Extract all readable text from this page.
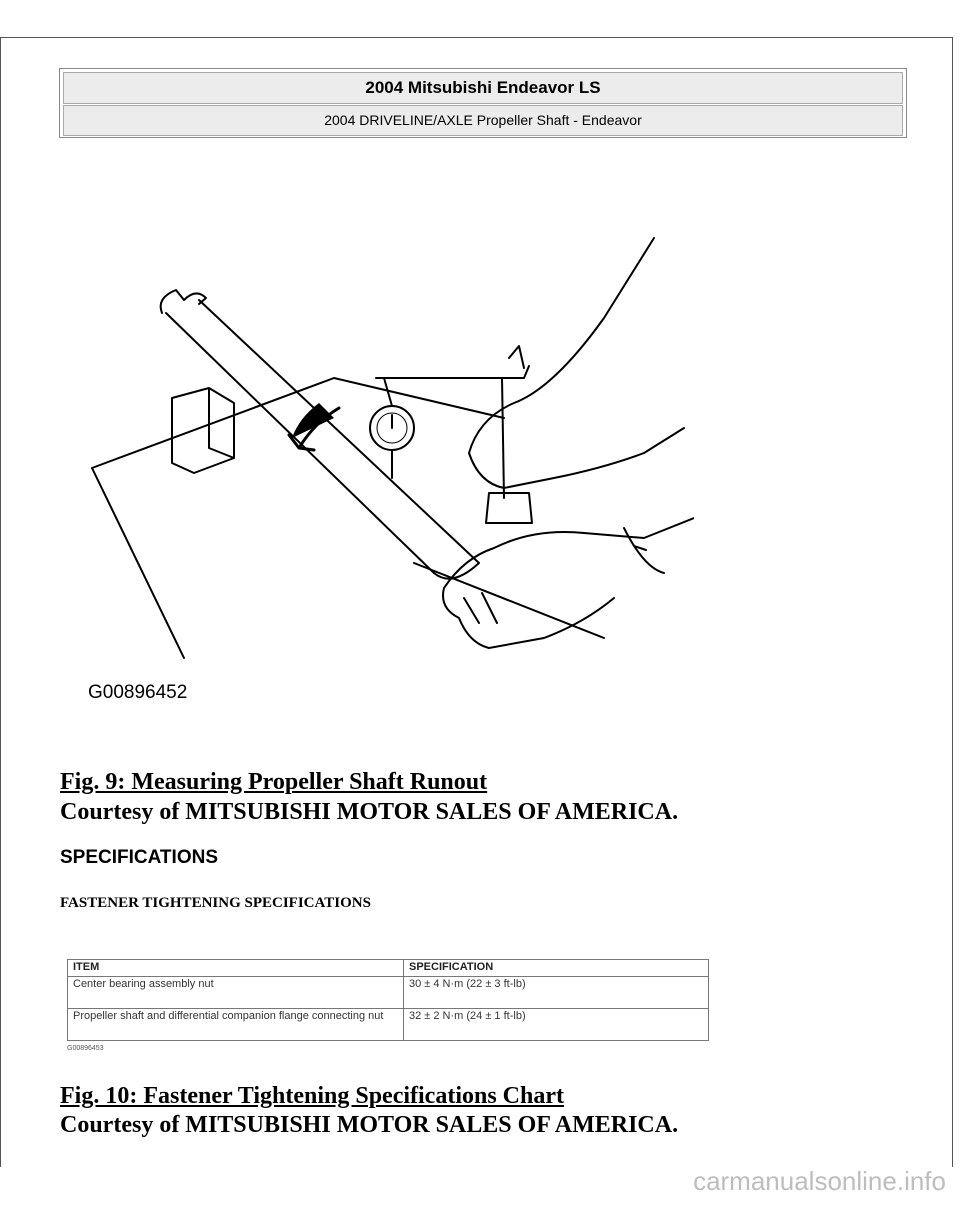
2004 Mitsubishi Endeavor LS
2004 DRIVELINE/AXLE Propeller Shaft - Endeavor
G00896452
Fig. 9: Measuring Propeller Shaft Runout
Courtesy of MITSUBISHI MOTOR SALES OF AMERICA.
SPECIFICATIONS
FASTENER TIGHTENING SPECIFICATIONS
ITEM	SPECIFICATION
Center bearing assembly nut	30 ± 4 N·m (22 ± 3 ft-lb)
Propeller shaft and differential companion flange connecting nut	32 ± 2 N·m (24 ± 1 ft-lb)
G00896453
Fig. 10: Fastener Tightening Specifications Chart
Courtesy of MITSUBISHI MOTOR SALES OF AMERICA.
carmanualsonline.info
